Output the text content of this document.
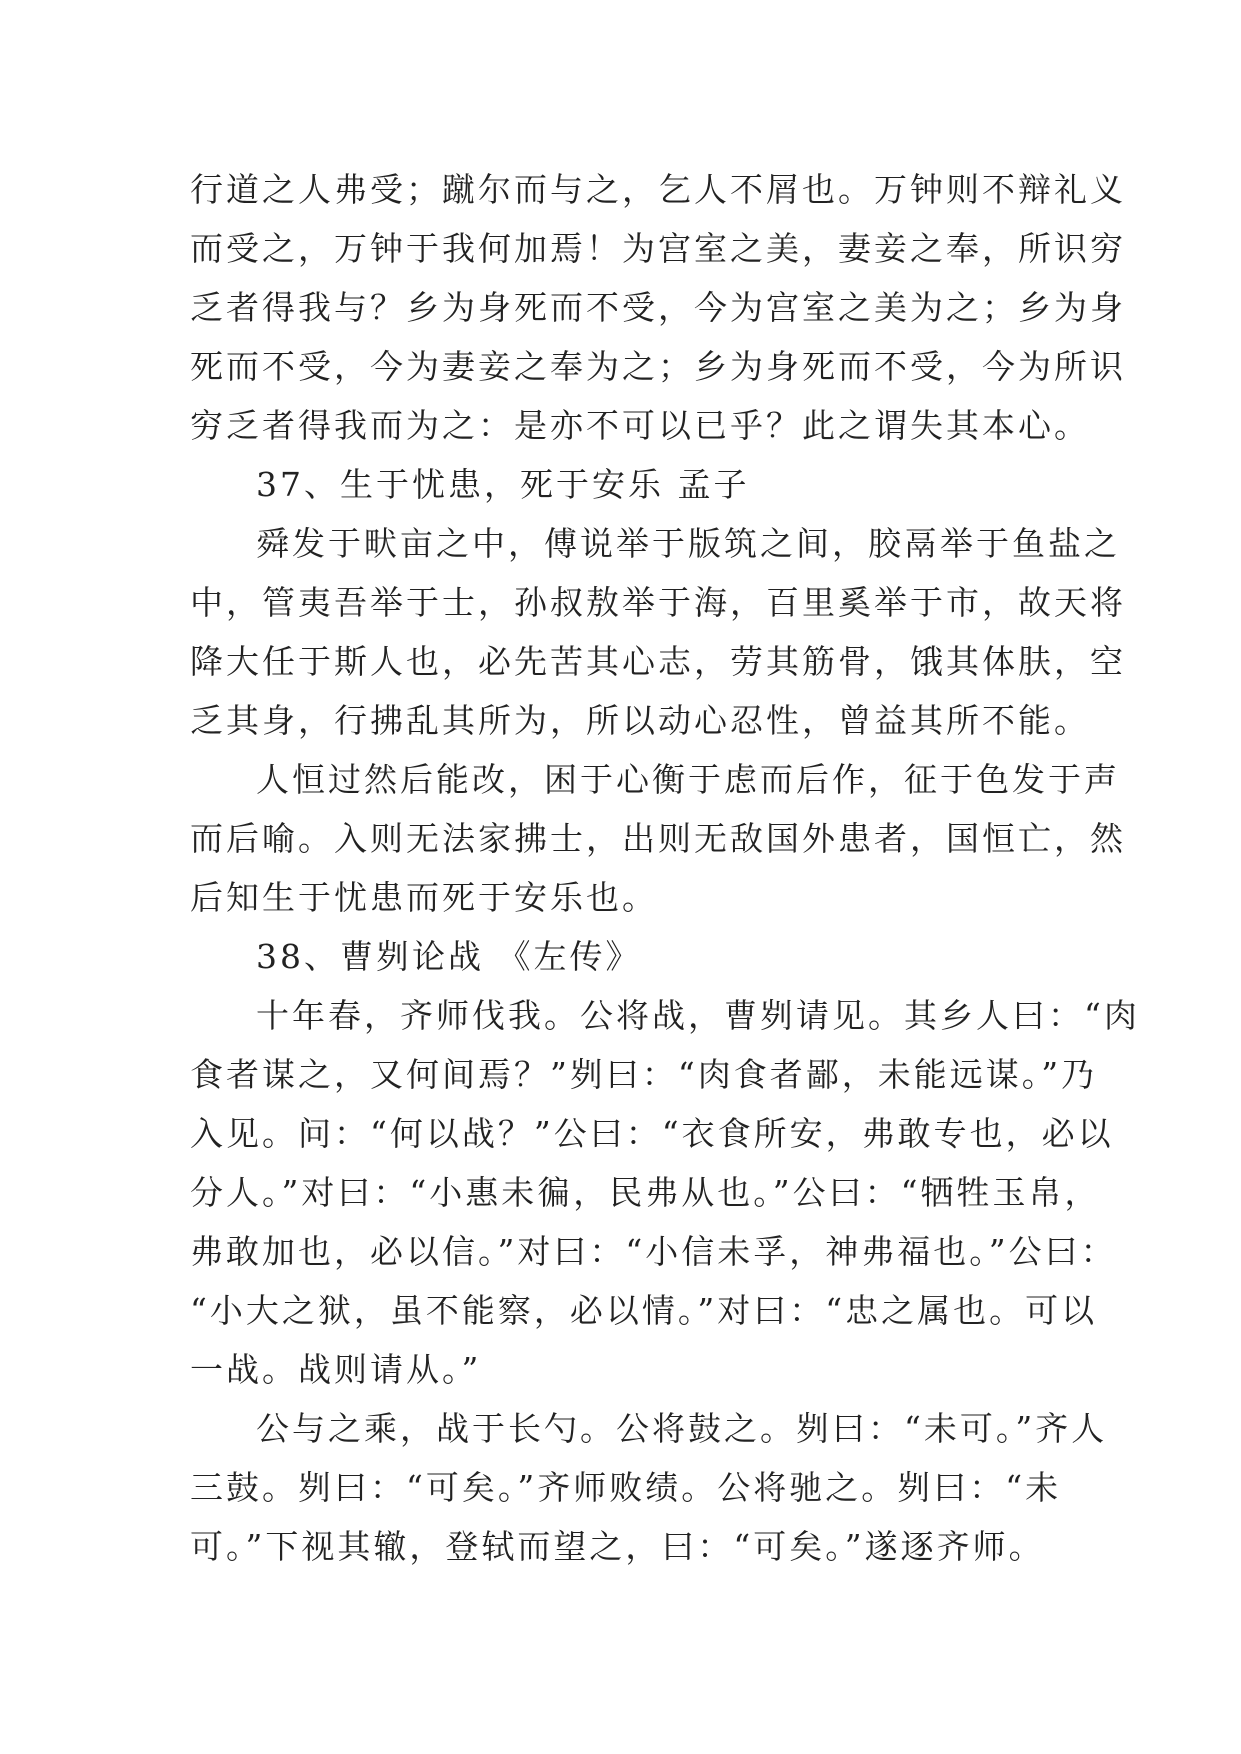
行道之人弗受；蹴尔而与之，乞人不屑也。万钟则不辩礼义
而受之，万钟于我何加焉！为宫室之美，妻妾之奉，所识穷
乏者得我与？乡为身死而不受，今为宫室之美为之；乡为身
死而不受，今为妻妾之奉为之；乡为身死而不受，今为所识
穷乏者得我而为之：是亦不可以已乎？此之谓失其本心。
37、生于忧患，死于安乐 孟子
舜发于畎亩之中，傅说举于版筑之间，胶鬲举于鱼盐之
中，管夷吾举于士，孙叔敖举于海，百里奚举于市，故天将
降大任于斯人也，必先苦其心志，劳其筋骨，饿其体肤，空
乏其身，行拂乱其所为，所以动心忍性，曾益其所不能。
人恒过然后能改，困于心衡于虑而后作，征于色发于声
而后喻。入则无法家拂士，出则无敌国外患者，国恒亡，然
后知生于忧患而死于安乐也。
38、曹刿论战 《左传》
十年春，齐师伐我。公将战，曹刿请见。其乡人曰：“肉
食者谋之，又何间焉？”刿曰：“肉食者鄙，未能远谋。”乃
入见。问：“何以战？”公曰：“衣食所安，弗敢专也，必以
分人。”对曰：“小惠未徧，民弗从也。”公曰：“牺牲玉帛，
弗敢加也，必以信。”对曰：“小信未孚，神弗福也。”公曰：
“小大之狱，虽不能察，必以情。”对曰：“忠之属也。可以
一战。战则请从。”
公与之乘，战于长勺。公将鼓之。刿曰：“未可。”齐人
三鼓。刿曰：“可矣。”齐师败绩。公将驰之。刿曰：“未
可。”下视其辙，登轼而望之，曰：“可矣。”遂逐齐师。
